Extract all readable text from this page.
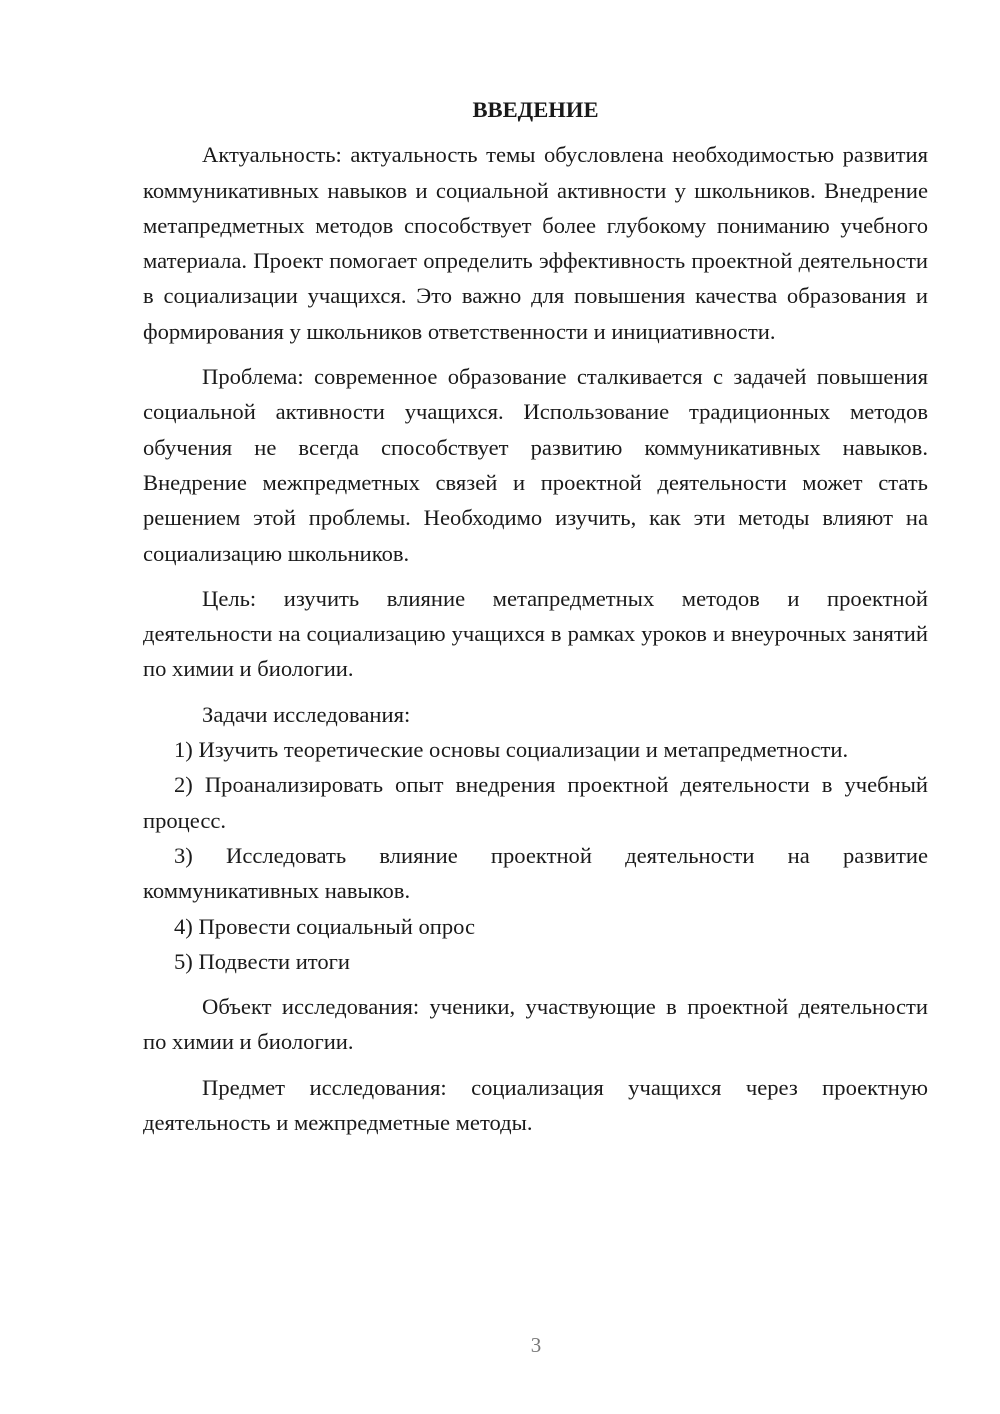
ВВЕДЕНИЕ

Актуальность: актуальность темы обусловлена необходимостью развития коммуникативных навыков и социальной активности у школьников. Внедрение метапредметных методов способствует более глубокому пониманию учебного материала. Проект помогает определить эффективность проектной деятельности в социализации учащихся. Это важно для повышения качества образования и формирования у школьников ответственности и инициативности.

Проблема: современное образование сталкивается с задачей повышения социальной активности учащихся. Использование традиционных методов обучения не всегда способствует развитию коммуникативных навыков. Внедрение межпредметных связей и проектной деятельности может стать решением этой проблемы. Необходимо изучить, как эти методы влияют на социализацию школьников.

Цель: изучить влияние метапредметных методов и проектной деятельности на социализацию учащихся в рамках уроков и внеурочных занятий по химии и биологии.

Задачи исследования:

1) Изучить теоретические основы социализации и метапредметности.

2) Проанализировать опыт внедрения проектной деятельности в учебный процесс.

3) Исследовать влияние проектной деятельности на развитие коммуникативных навыков.

4) Провести социальный опрос

5) Подвести итоги

Объект исследования: ученики, участвующие в проектной деятельности по химии и биологии.

Предмет исследования: социализация учащихся через проектную деятельность и межпредметные методы.

3
